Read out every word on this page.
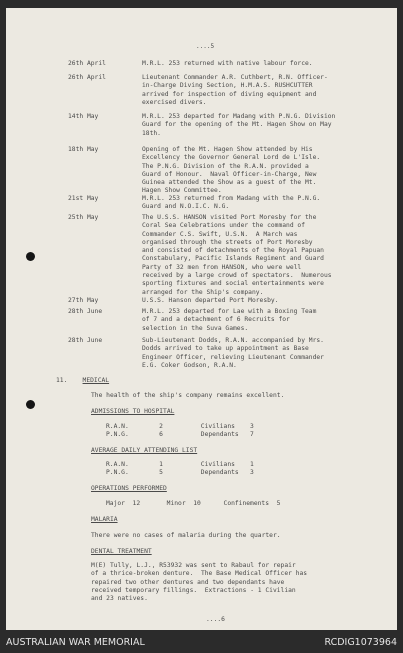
....5
26th April	M.R.L. 253 returned with native labour force.
26th April	Lieutenant Commander A.R. Cuthbert, R.N. Officer-
in-Charge Diving Section, H.M.A.S. RUSHCUTTER
arrived for inspection of diving equipment and
exercised divers.
14th May	M.R.L. 253 departed for Madang with P.N.G. Division
Guard for the opening of the Mt. Hagen Show on May
18th.
18th May	Opening of the Mt. Hagen Show attended by His
Excellency the Governor General Lord de L'Isle.
The P.N.G. Division of the R.A.N. provided a
Guard of Honour.  Naval Officer-in-Charge, New
Guinea attended the Show as a guest of the Mt.
Hagen Show Committee.
21st May	M.R.L. 253 returned from Madang with the P.N.G.
Guard and N.O.I.C. N.G.
25th May	The U.S.S. HANSON visited Port Moresby for the
Coral Sea Celebrations under the command of
Commander C.S. Swift, U.S.N.  A March was
organised through the streets of Port Moresby
and consisted of detachments of the Royal Papuan
Constabulary, Pacific Islands Regiment and Guard
Party of 32 men from HANSON, who were well
received by a large crowd of spectators.  Numerous
sporting fixtures and social entertainments were
arranged for the Ship's company.
27th May	U.S.S. Hanson departed Port Moresby.
28th June	M.R.L. 253 departed for Lae with a Boxing Team
of 7 and a detachment of 6 Recruits for
selection in the Suva Games.
28th June	Sub-Lieutenant Dodds, R.A.N. accompanied by Mrs.
Dodds arrived to take up appointment as Base
Engineer Officer, relieving Lieutenant Commander
E.G. Coker Godson, R.A.N.
11. MEDICAL
The health of the ship's company remains excellent.
ADMISSIONS TO HOSPITAL
R.A.N.        2          Civilians    3
P.N.G.        6          Dependants   7
AVERAGE DAILY ATTENDING LIST
R.A.N.        1          Civilians    1
P.N.G.        5          Dependants   3
OPERATIONS PERFORMED
Major  12       Minor  10      Confinements  5
MALARIA
There were no cases of malaria during the quarter.
DENTAL TREATMENT
M(E) Tully, L.J., R53932 was sent to Rabaul for repair
of a thrice-broken denture.  The Base Medical Officer has
repaired two other dentures and two dependants have
received temporary fillings.  Extractions - 1 Civilian
and 23 natives.
....6
AUSTRALIAN WAR MEMORIAL	RCDIG1073964
